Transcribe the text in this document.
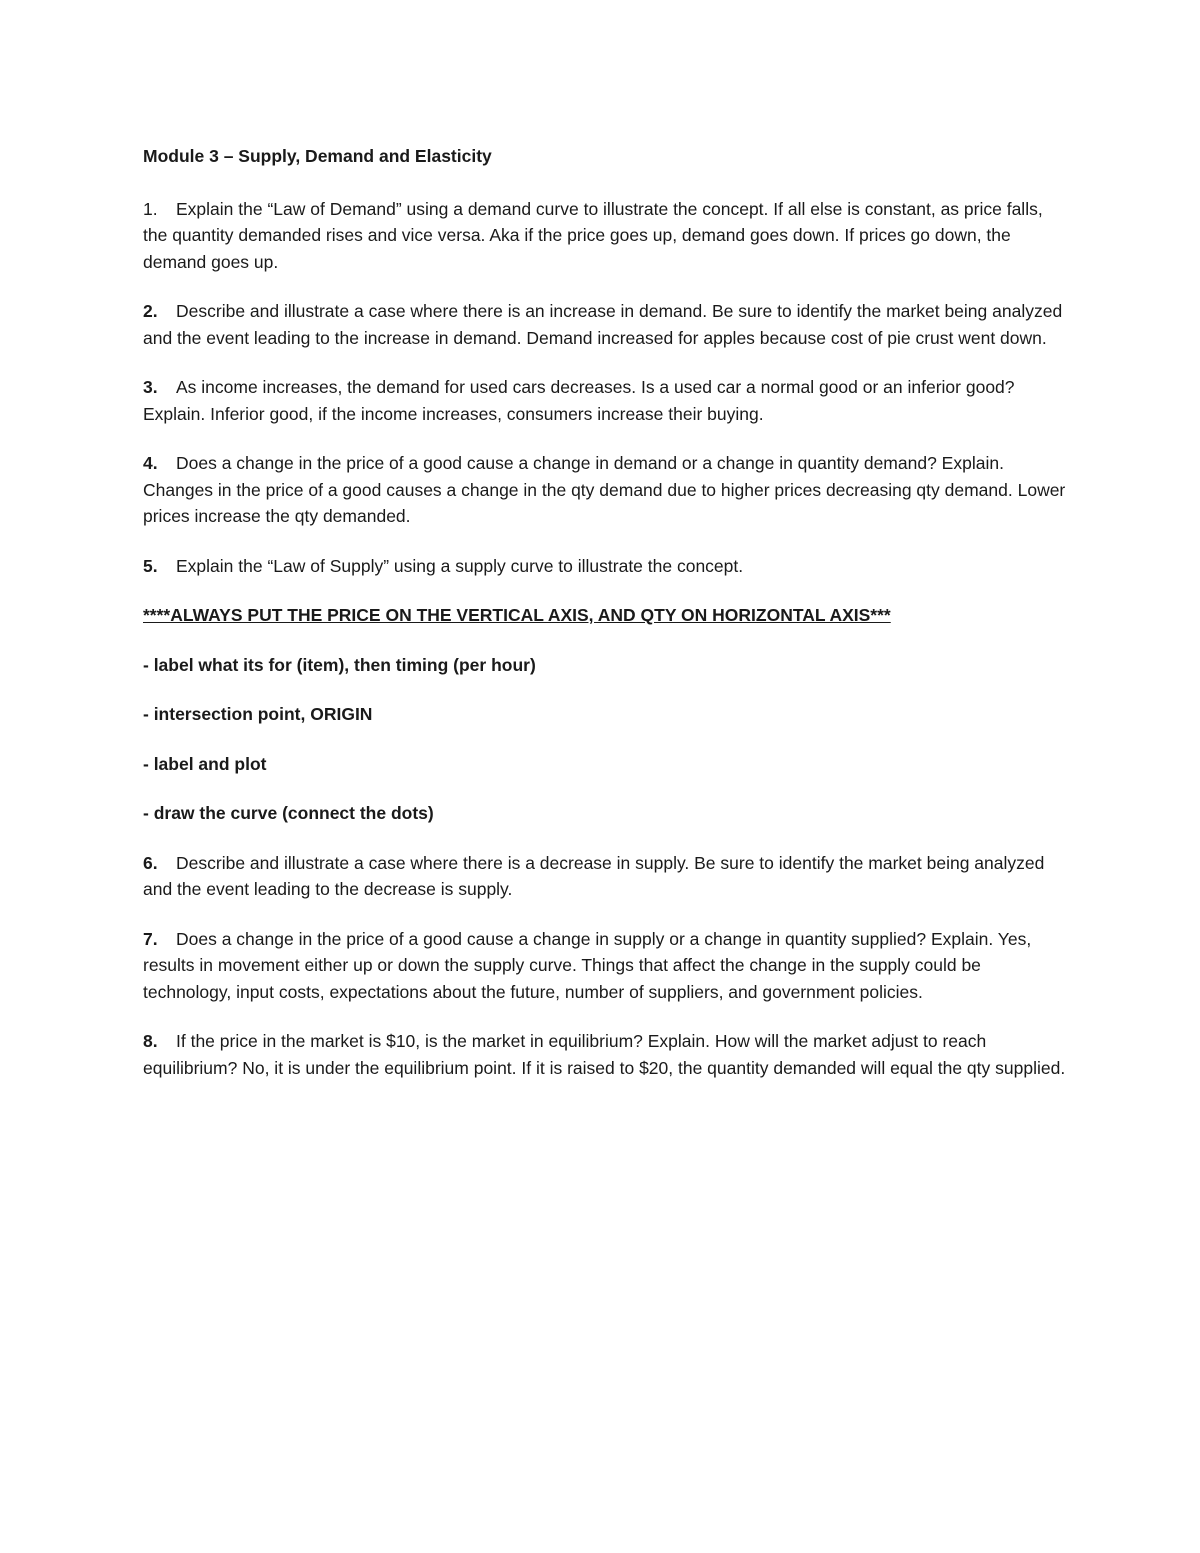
Module 3 – Supply, Demand and Elasticity
1. Explain the “Law of Demand” using a demand curve to illustrate the concept. If all else is constant, as price falls, the quantity demanded rises and vice versa. Aka if the price goes up, demand goes down. If prices go down, the demand goes up.
2. Describe and illustrate a case where there is an increase in demand. Be sure to identify the market being analyzed and the event leading to the increase in demand. Demand increased for apples because cost of pie crust went down.
3. As income increases, the demand for used cars decreases. Is a used car a normal good or an inferior good? Explain. Inferior good, if the income increases, consumers increase their buying.
4. Does a change in the price of a good cause a change in demand or a change in quantity demand? Explain. Changes in the price of a good causes a change in the qty demand due to higher prices decreasing qty demand. Lower prices increase the qty demanded.
5. Explain the “Law of Supply” using a supply curve to illustrate the concept.
****ALWAYS PUT THE PRICE ON THE VERTICAL AXIS, AND QTY ON HORIZONTAL AXIS***
- label what its for (item), then timing (per hour)
- intersection point, ORIGIN
- label and plot
- draw the curve (connect the dots)
6. Describe and illustrate a case where there is a decrease in supply. Be sure to identify the market being analyzed and the event leading to the decrease is supply.
7. Does a change in the price of a good cause a change in supply or a change in quantity supplied? Explain. Yes, results in movement either up or down the supply curve. Things that affect the change in the supply could be technology, input costs, expectations about the future, number of suppliers, and government policies.
8. If the price in the market is $10, is the market in equilibrium? Explain. How will the market adjust to reach equilibrium? No, it is under the equilibrium point. If it is raised to $20, the quantity demanded will equal the qty supplied.
